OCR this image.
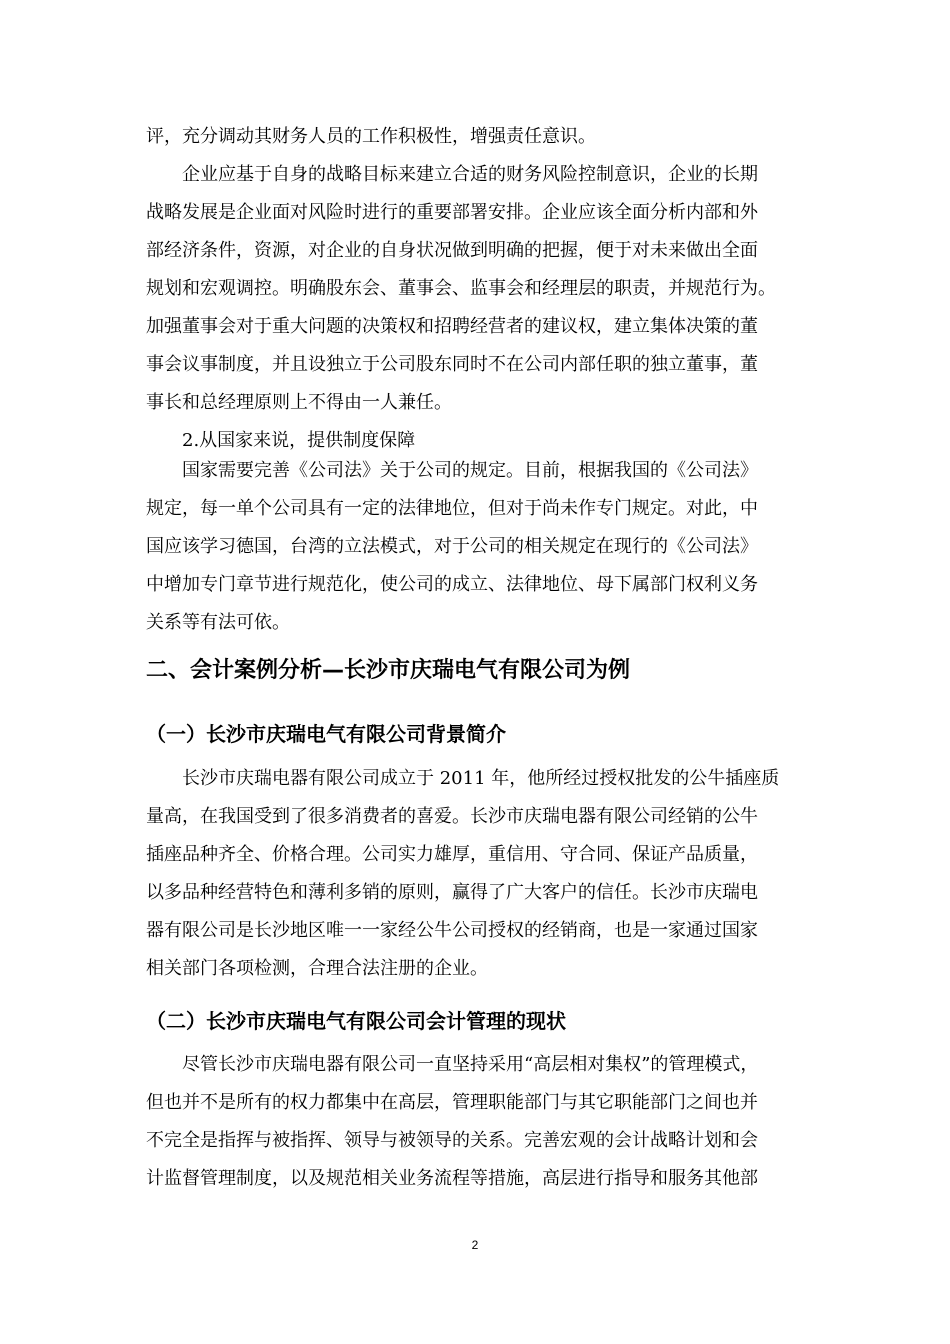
评，充分调动其财务人员的工作积极性，增强责任意识。
企业应基于自身的战略目标来建立合适的财务风险控制意识，企业的长期
战略发展是企业面对风险时进行的重要部署安排。企业应该全面分析内部和外
部经济条件，资源，对企业的自身状况做到明确的把握，便于对未来做出全面
规划和宏观调控。明确股东会、董事会、监事会和经理层的职责，并规范行为。
加强董事会对于重大问题的决策权和招聘经营者的建议权，建立集体决策的董
事会议事制度，并且设独立于公司股东同时不在公司内部任职的独立董事，董
事长和总经理原则上不得由一人兼任。
2.从国家来说，提供制度保障
国家需要完善《公司法》关于公司的规定。目前，根据我国的《公司法》
规定，每一单个公司具有一定的法律地位，但对于尚未作专门规定。对此，中
国应该学习德国，台湾的立法模式，对于公司的相关规定在现行的《公司法》
中增加专门章节进行规范化，使公司的成立、法律地位、母下属部门权利义务
关系等有法可依。
二、会计案例分析—长沙市庆瑞电气有限公司为例
（一）长沙市庆瑞电气有限公司背景简介
长沙市庆瑞电器有限公司成立于 2011 年，他所经过授权批发的公牛插座质
量高，在我国受到了很多消费者的喜爱。长沙市庆瑞电器有限公司经销的公牛
插座品种齐全、价格合理。公司实力雄厚，重信用、守合同、保证产品质量，
以多品种经营特色和薄利多销的原则，赢得了广大客户的信任。长沙市庆瑞电
器有限公司是长沙地区唯一一家经公牛公司授权的经销商，也是一家通过国家
相关部门各项检测，合理合法注册的企业。
（二）长沙市庆瑞电气有限公司会计管理的现状
尽管长沙市庆瑞电器有限公司一直坚持采用“高层相对集权”的管理模式，
但也并不是所有的权力都集中在高层，管理职能部门与其它职能部门之间也并
不完全是指挥与被指挥、领导与被领导的关系。完善宏观的会计战略计划和会
计监督管理制度，以及规范相关业务流程等措施，高层进行指导和服务其他部
2
